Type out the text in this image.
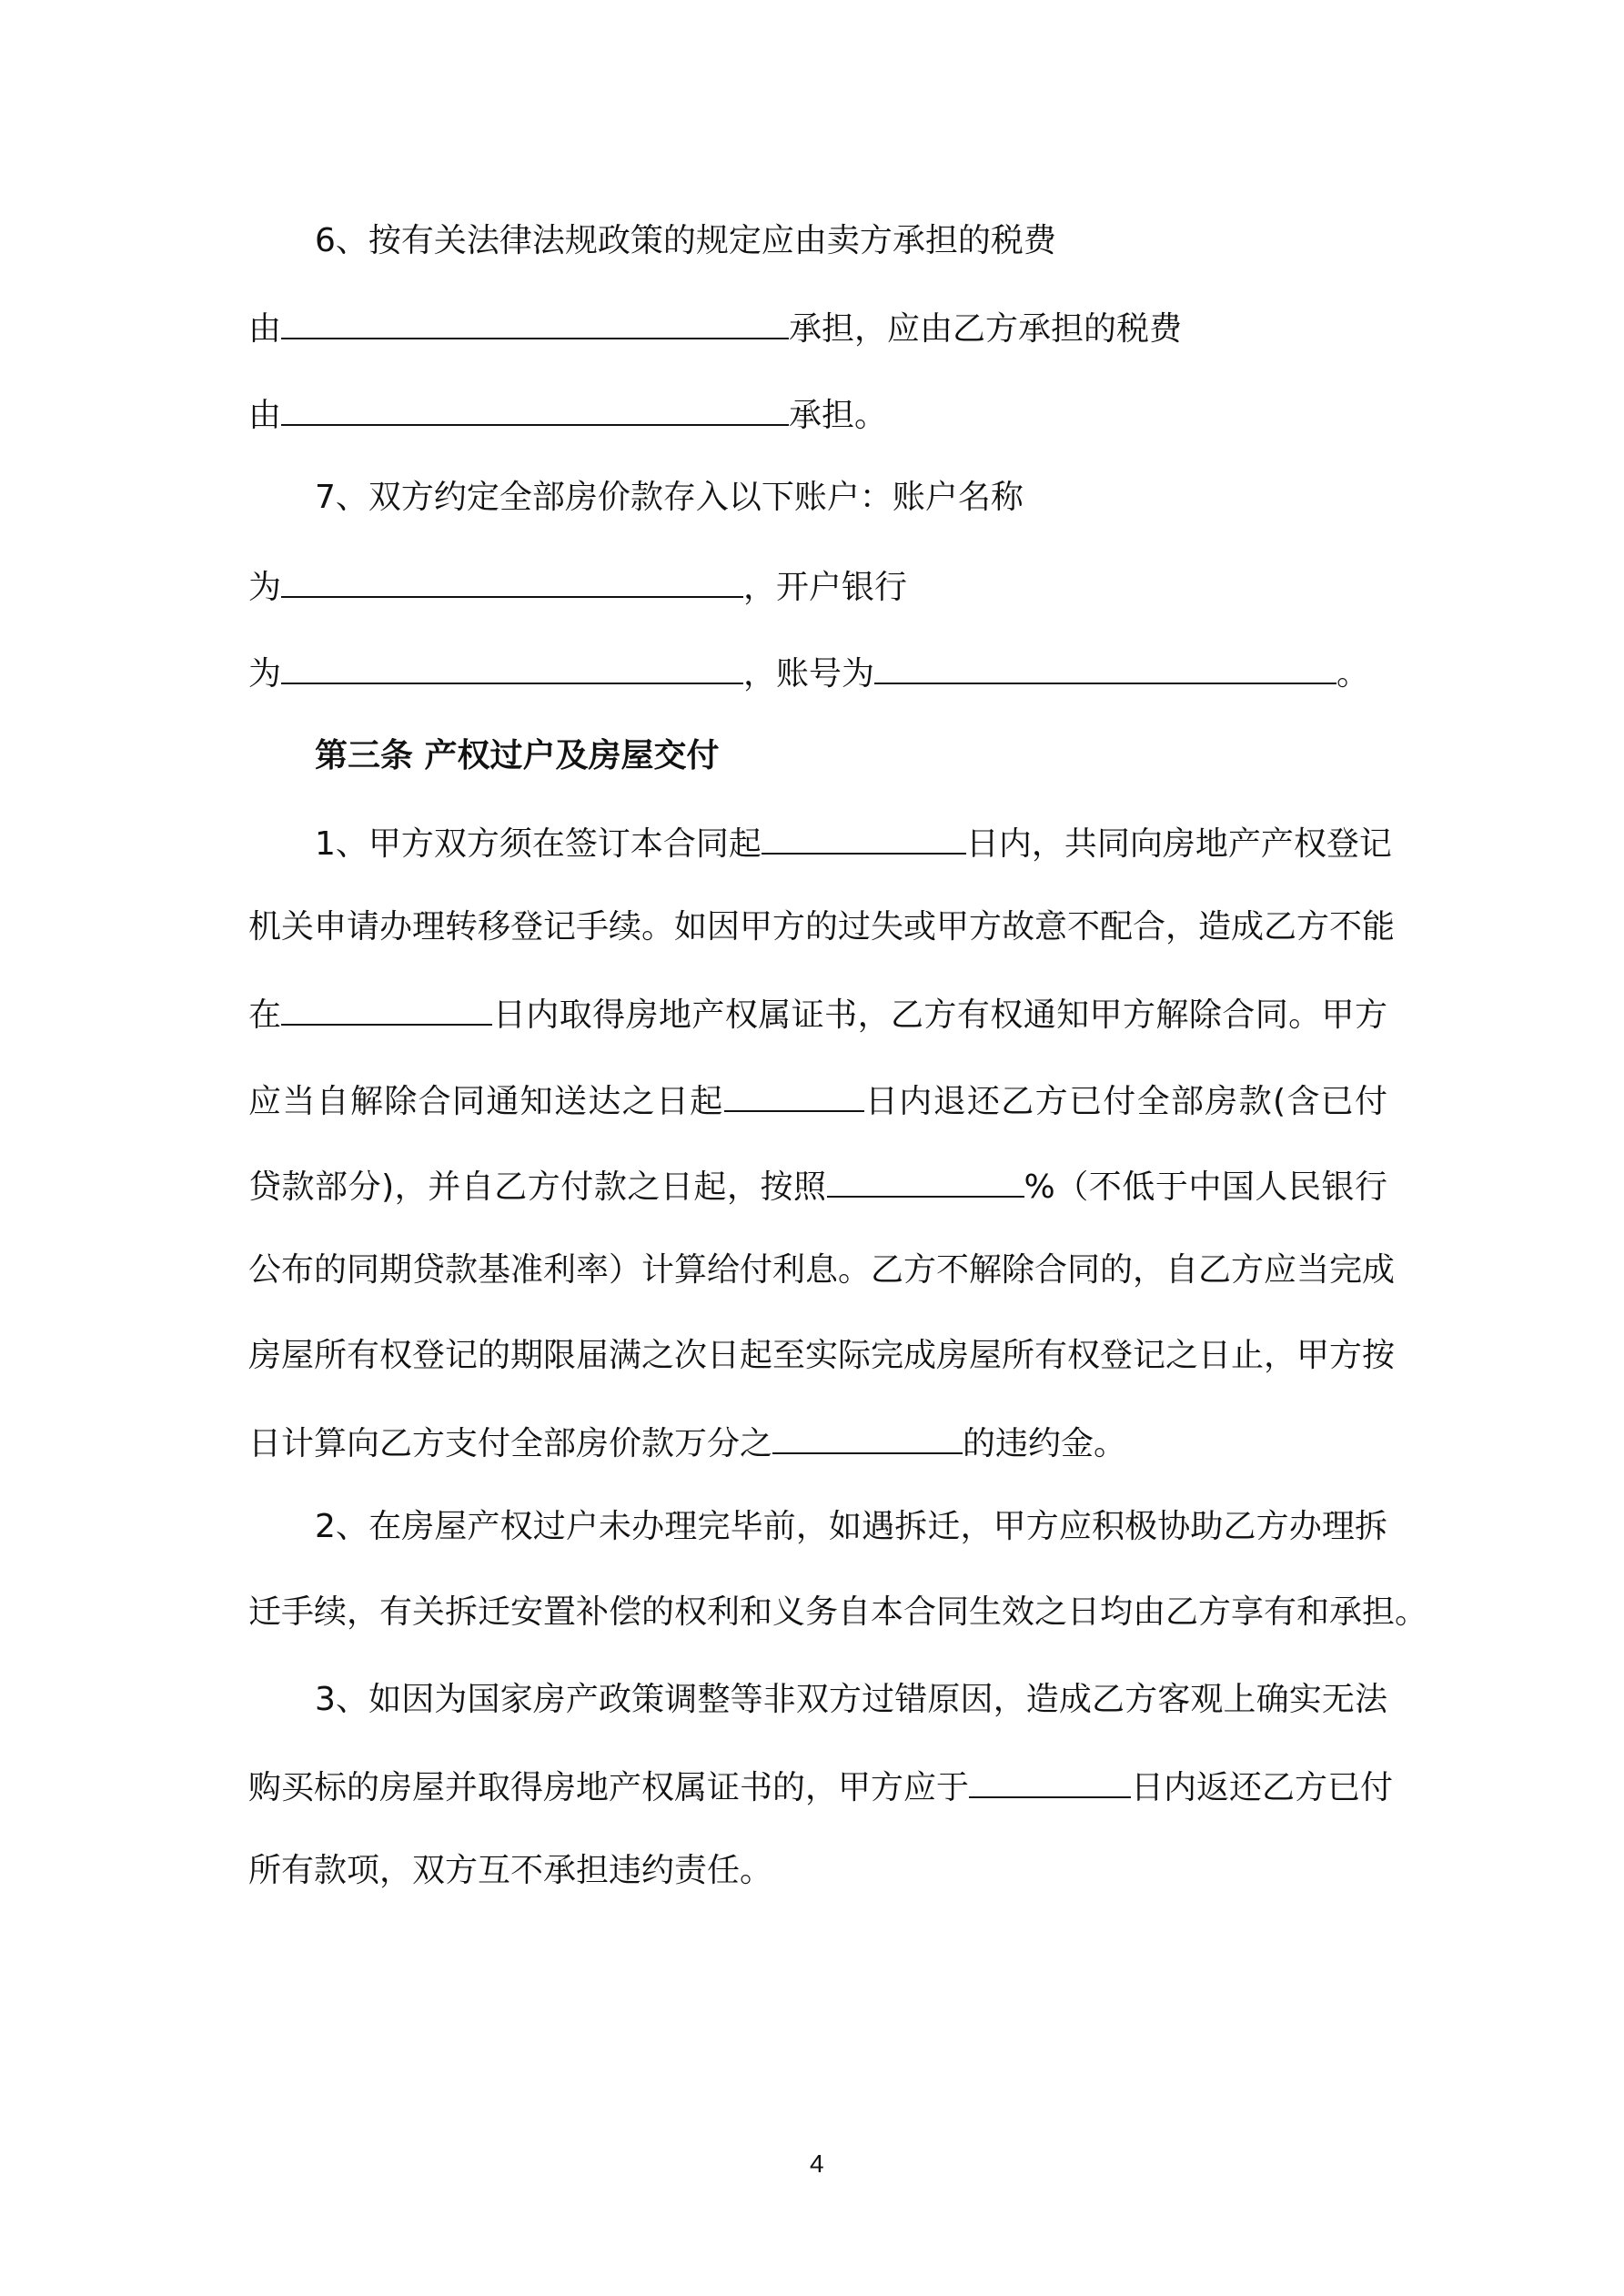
6、按有关法律法规政策的规定应由卖方承担的税费
由	承担，应由乙方承担的税费
由	承担。
7、双方约定全部房价款存入以下账户：账户名称
为	，开户银行
为	，账号为	。
第三条 产权过户及房屋交付
1、甲方双方须在签订本合同起	日内，共同向房地产产权登记
机关申请办理转移登记手续。如因甲方的过失或甲方故意不配合，造成乙方不能
在	日内取得房地产权属证书，乙方有权通知甲方解除合同。甲方
应当自解除合同通知送达之日起	日内退还乙方已付全部房款(含已付
贷款部分)，并自乙方付款之日起，按照	%（不低于中国人民银行
公布的同期贷款基准利率）计算给付利息。乙方不解除合同的，自乙方应当完成
房屋所有权登记的期限届满之次日起至实际完成房屋所有权登记之日止，甲方按
日计算向乙方支付全部房价款万分之	的违约金。
2、在房屋产权过户未办理完毕前，如遇拆迁，甲方应积极协助乙方办理拆
迁手续，有关拆迁安置补偿的权利和义务自本合同生效之日均由乙方享有和承担。
3、如因为国家房产政策调整等非双方过错原因，造成乙方客观上确实无法
购买标的房屋并取得房地产权属证书的，甲方应于	日内返还乙方已付
所有款项，双方互不承担违约责任。
4
